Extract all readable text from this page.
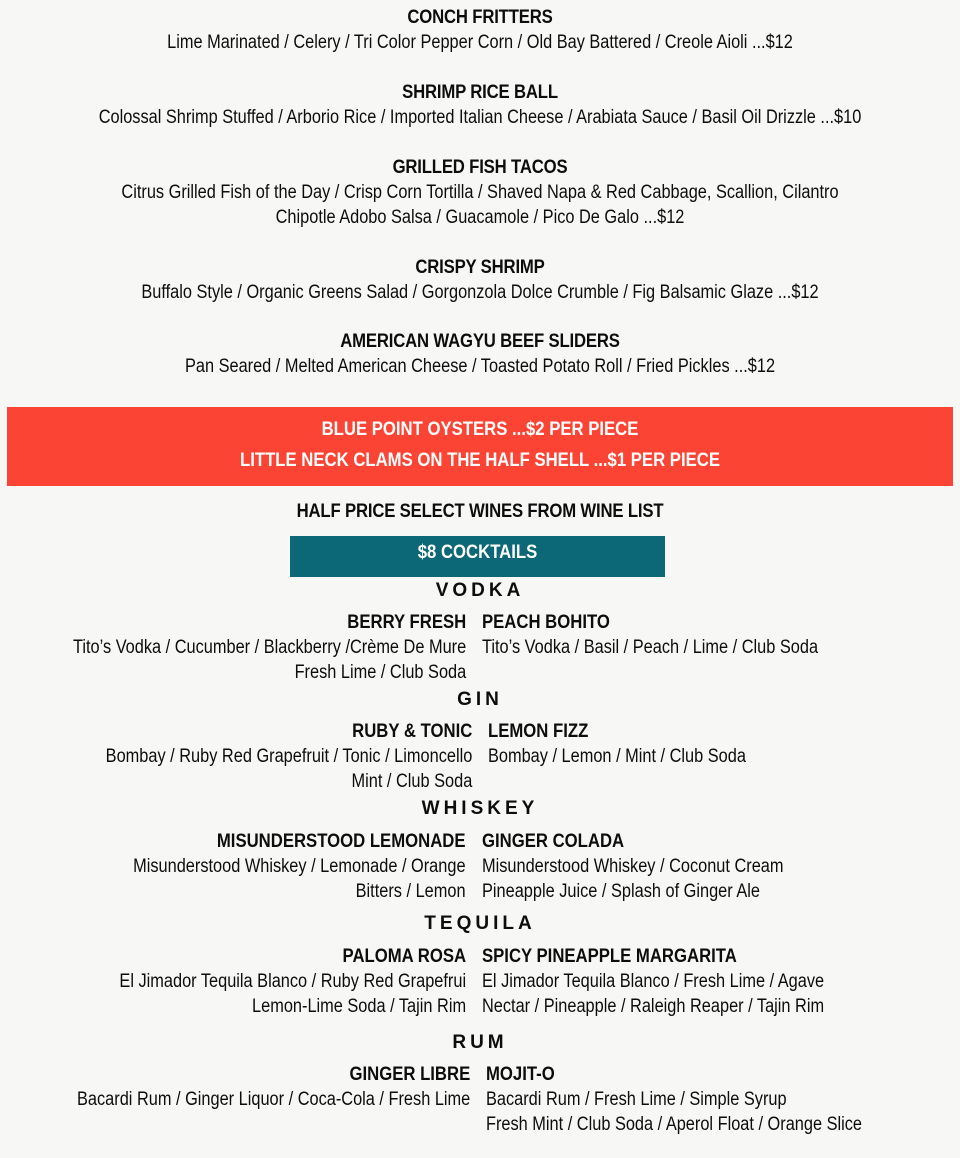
CONCH FRITTERS
Lime Marinated / Celery / Tri Color Pepper Corn / Old Bay Battered / Creole Aioli ...$12
SHRIMP RICE BALL
Colossal Shrimp Stuffed / Arborio Rice / Imported Italian Cheese / Arabiata Sauce / Basil Oil Drizzle ...$10
GRILLED FISH TACOS
Citrus Grilled Fish of the Day / Crisp Corn Tortilla / Shaved Napa & Red Cabbage, Scallion, Cilantro
Chipotle Adobo Salsa / Guacamole / Pico De Galo ...$12
CRISPY SHRIMP
Buffalo Style / Organic Greens Salad / Gorgonzola Dolce Crumble / Fig Balsamic Glaze ...$12
AMERICAN WAGYU BEEF SLIDERS
Pan Seared / Melted American Cheese / Toasted Potato Roll / Fried Pickles ...$12
BLUE POINT OYSTERS ...$2 PER PIECE
LITTLE NECK CLAMS ON THE HALF SHELL ...$1 PER PIECE
HALF PRICE SELECT WINES FROM WINE LIST
$8 COCKTAILS
VODKA
BERRY FRESH
Tito’s Vodka / Cucumber / Blackberry /Crème De Mure
Fresh Lime / Club Soda
PEACH BOHITO
Tito’s Vodka / Basil / Peach / Lime / Club Soda
GIN
RUBY & TONIC
Bombay / Ruby Red Grapefruit / Tonic / Limoncello
Mint / Club Soda
LEMON FIZZ
Bombay / Lemon / Mint / Club Soda
WHISKEY
MISUNDERSTOOD LEMONADE
Misunderstood Whiskey / Lemonade / Orange
Bitters / Lemon
GINGER COLADA
Misunderstood Whiskey / Coconut Cream
Pineapple Juice / Splash of Ginger Ale
TEQUILA
PALOMA ROSA
El Jimador Tequila Blanco / Ruby Red Grapefrui
Lemon-Lime Soda / Tajin Rim
SPICY PINEAPPLE MARGARITA
El Jimador Tequila Blanco / Fresh Lime / Agave
Nectar / Pineapple / Raleigh Reaper / Tajin Rim
RUM
GINGER LIBRE
Bacardi Rum / Ginger Liquor / Coca-Cola / Fresh Lime
MOJIT-O
Bacardi Rum / Fresh Lime / Simple Syrup
Fresh Mint / Club Soda / Aperol Float / Orange Slice
